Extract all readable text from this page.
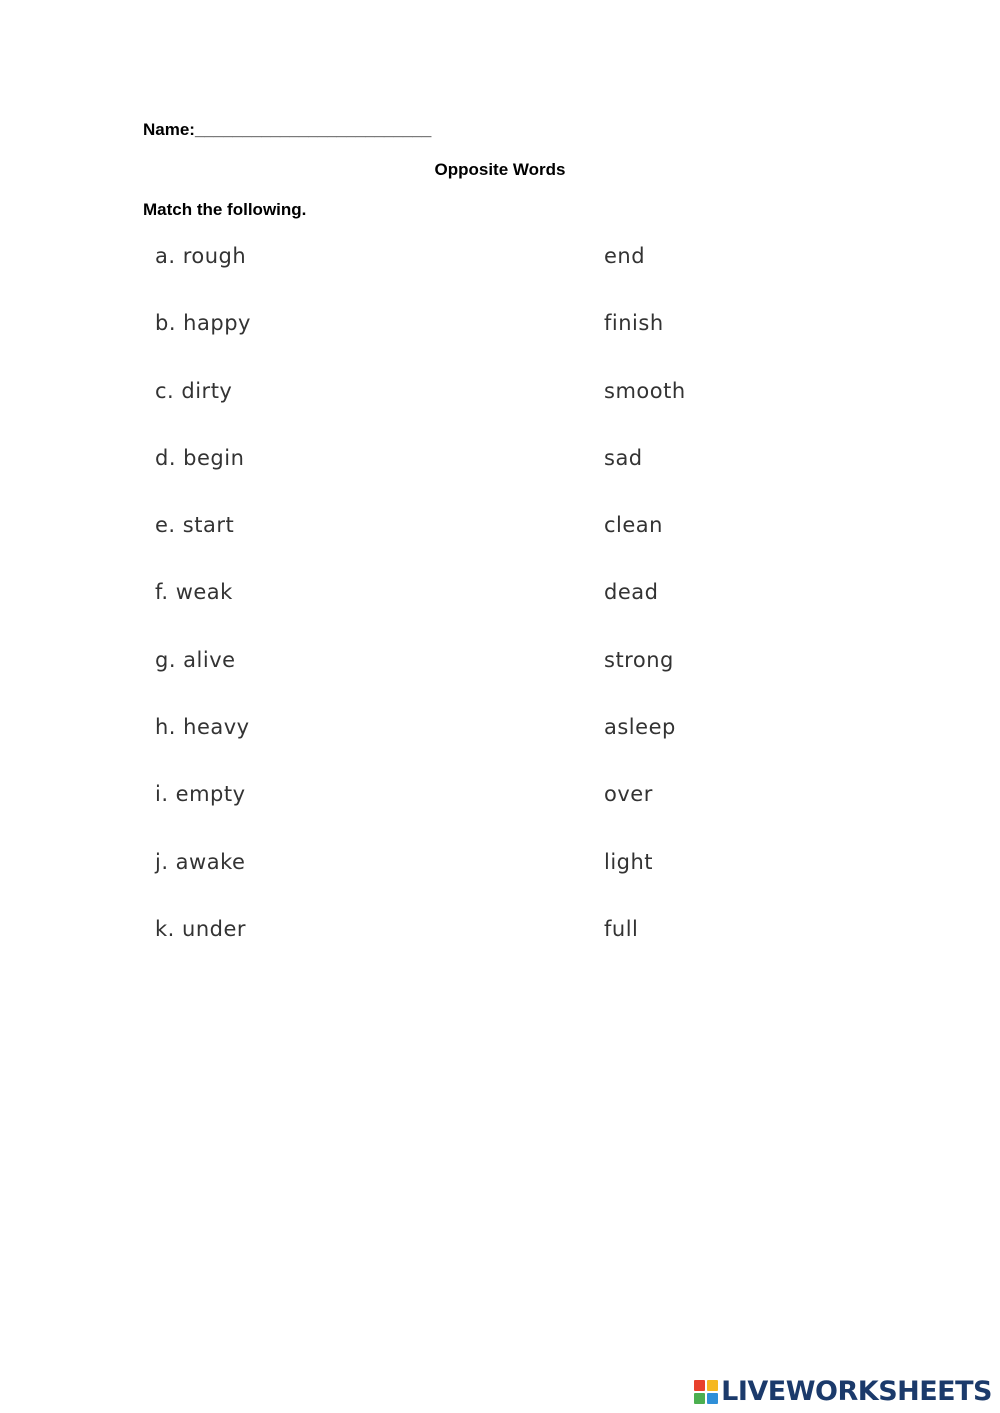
Name:_________________________
Opposite Words
Match the following.
a. rough
b. happy
c. dirty
d. begin
e. start
f. weak
g. alive
h. heavy
i. empty
j. awake
k. under
end
finish
smooth
sad
clean
dead
strong
asleep
over
light
full
LIVEWORKSHEETS
